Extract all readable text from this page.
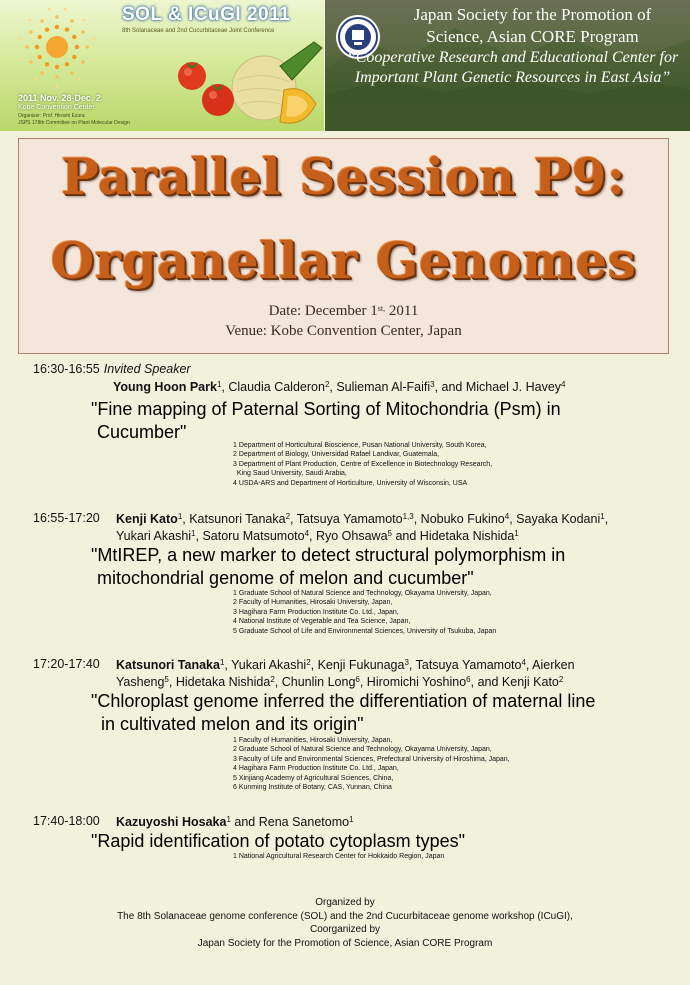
SOL & ICuGI 2011
8th Solanaceae and 2nd Cucurbitaceae Joint Conference
2011 Nov. 28-Dec. 2
Kobe Convention Center
Organizer: Prof. Hiroshi Ezura
JSPS 178th Committee on Plant Molecular Design
Japan Society for the Promotion of
Science, Asian CORE Program
“Cooperative Research and Educational Center for
Important Plant Genetic Resources in East Asia”
Parallel Session P9:
Organellar Genomes
Date: December $1^{st,}$ 2011
Venue: Kobe Convention Center, Japan
16:30-16:55 Invited Speaker
Young Hoon Park$^1$, Claudia Calderon$^2$, Sulieman Al-Faifi$^3$, and Michael J. Havey$^4$
"Fine mapping of Paternal Sorting of Mitochondria (Psm) in
Cucumber"
1 Department of Horticultural Bioscience, Pusan National University, South Korea,
2 Department of Biology, Universidad Rafael Landivar, Guatemala,
3 Department of Plant Production, Centre of Excellence in Biotechnology Research,
King Saud University, Saudi Arabia,
4 USDA-ARS and Department of Horticulture, University of Wisconsin, USA
16:55-17:20 Kenji Kato$^1$, Katsunori Tanaka$^2$, Tatsuya Yamamoto$^{1,3}$, Nobuko Fukino$^4$, Sayaka Kodani$^1$,
Yukari Akashi$^1$, Satoru Matsumoto$^4$, Ryo Ohsawa$^5$ and Hidetaka Nishida$^1$
"MtIREP, a new marker to detect structural polymorphism in
mitochondrial genome of melon and cucumber"
1 Graduate School of Natural Science and Technology, Okayama University, Japan,
2 Faculty of Humanities, Hirosaki University, Japan,
3 Hagihara Farm Production Institute Co. Ltd., Japan,
4 National Institute of Vegetable and Tea Science, Japan,
5 Graduate School of Life and Environmental Sciences, University of Tsukuba, Japan
17:20-17:40 Katsunori Tanaka$^1$, Yukari Akashi$^2$, Kenji Fukunaga$^3$, Tatsuya Yamamoto$^4$, Aierken
Yasheng$^5$, Hidetaka Nishida$^2$, Chunlin Long$^6$, Hiromichi Yoshino$^6$, and Kenji Kato$^2$
"Chloroplast genome inferred the differentiation of maternal line
in cultivated melon and its origin"
1 Faculty of Humanities, Hirosaki University, Japan,
2 Graduate School of Natural Science and Technology, Okayama University, Japan,
3 Faculty of Life and Environmental Sciences, Prefectural University of Hiroshima, Japan,
4 Hagihara Farm Production Institute Co. Ltd., Japan,
5 Xinjiang Academy of Agricultural Sciences, China,
6 Kunming Institute of Botany, CAS, Yunnan, China
17:40-18:00 Kazuyoshi Hosaka$^1$ and Rena Sanetomo$^1$
"Rapid identification of potato cytoplasm types"
1 National Agricultural Research Center for Hokkaido Region, Japan
Organized by
The 8th Solanaceae genome conference (SOL) and the 2nd Cucurbitaceae genome workshop (ICuGI),
Coorganized by
Japan Society for the Promotion of Science, Asian CORE Program
